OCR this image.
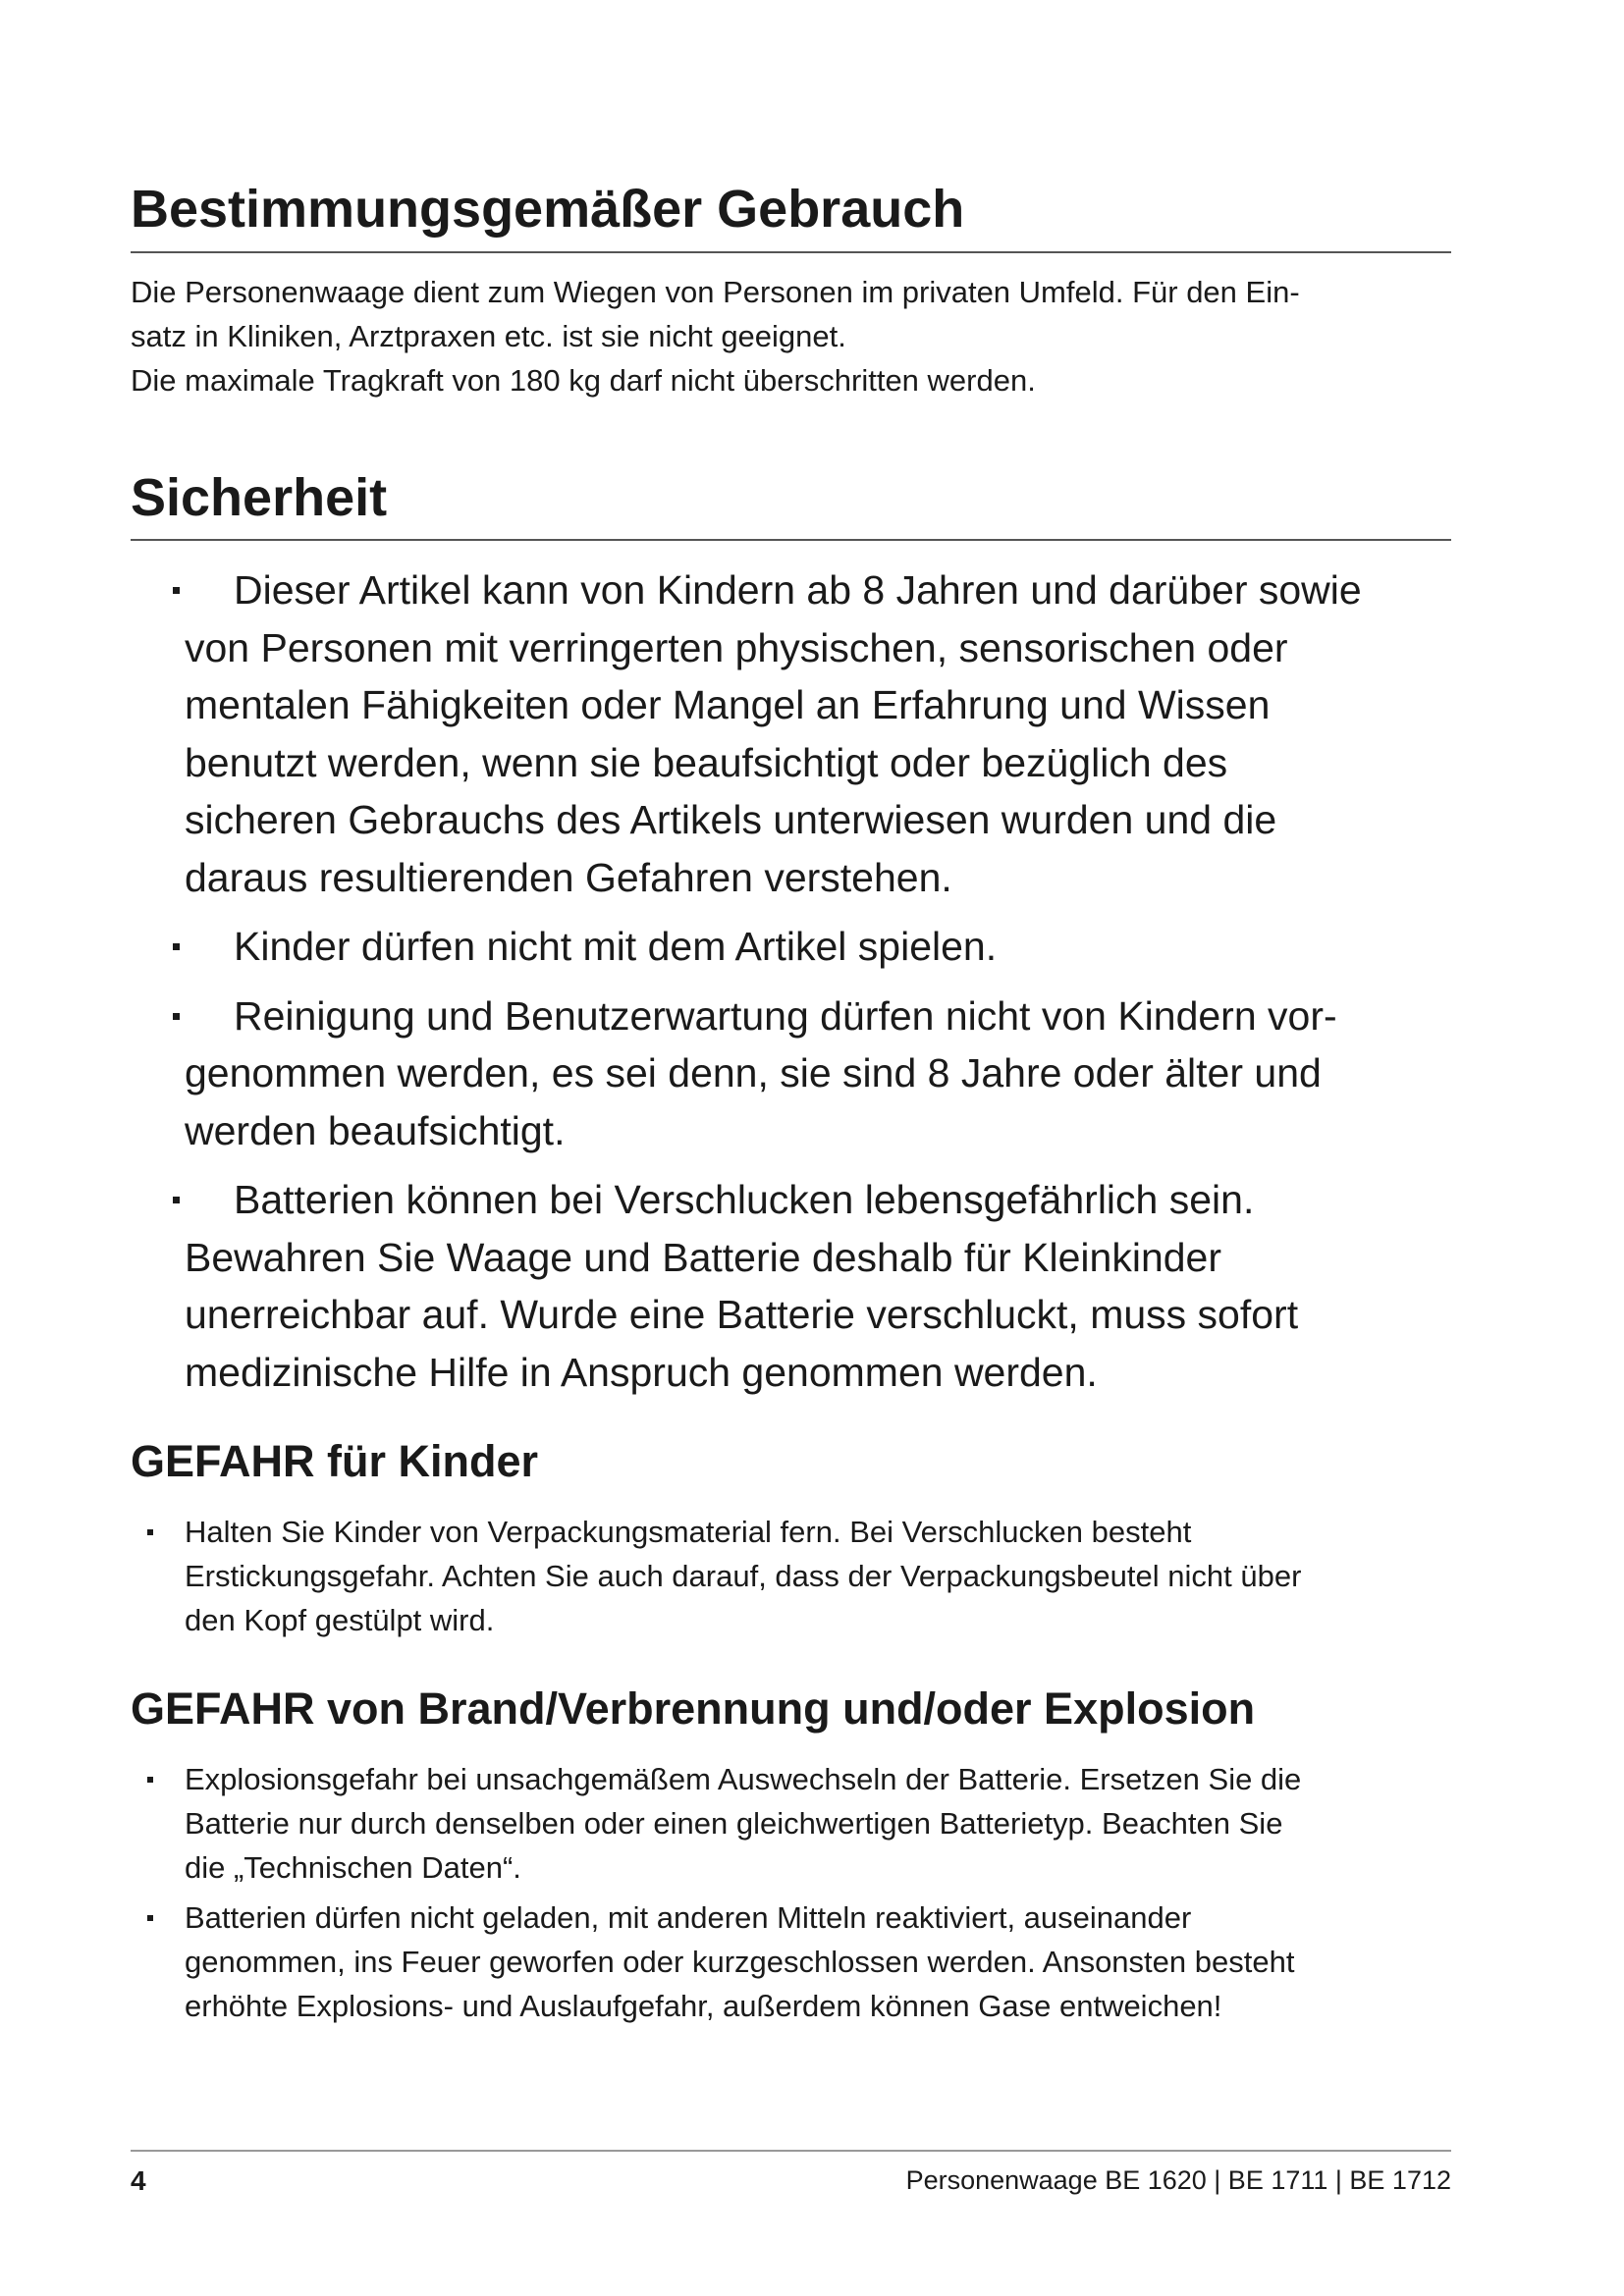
Bestimmungsgemäßer Gebrauch

Die Personenwaage dient zum Wiegen von Personen im privaten Umfeld. Für den Ein-
satz in Kliniken, Arztpraxen etc. ist sie nicht geeignet.
Die maximale Tragkraft von 180 kg darf nicht überschritten werden.

Sicherheit
Dieser Artikel kann von Kindern ab 8 Jahren und darüber sowie
von Personen mit verringerten physischen, sensorischen oder
mentalen Fähigkeiten oder Mangel an Erfahrung und Wissen
benutzt werden, wenn sie beaufsichtigt oder bezüglich des
sicheren Gebrauchs des Artikels unterwiesen wurden und die
daraus resultierenden Gefahren verstehen.
Kinder dürfen nicht mit dem Artikel spielen.
Reinigung und Benutzerwartung dürfen nicht von Kindern vor-
genommen werden, es sei denn, sie sind 8 Jahre oder älter und
werden beaufsichtigt.
Batterien können bei Verschlucken lebensgefährlich sein.
Bewahren Sie Waage und Batterie deshalb für Kleinkinder
unerreichbar auf. Wurde eine Batterie verschluckt, muss sofort
medizinische Hilfe in Anspruch genommen werden.
GEFAHR für Kinder
Halten Sie Kinder von Verpackungsmaterial fern. Bei Verschlucken besteht
Erstickungsgefahr. Achten Sie auch darauf, dass der Verpackungsbeutel nicht über
den Kopf gestülpt wird.
GEFAHR von Brand/Verbrennung und/oder Explosion
Explosionsgefahr bei unsachgemäßem Auswechseln der Batterie. Ersetzen Sie die
Batterie nur durch denselben oder einen gleichwertigen Batterietyp. Beachten Sie
die „Technischen Daten“.
Batterien dürfen nicht geladen, mit anderen Mitteln reaktiviert, auseinander
genommen, ins Feuer geworfen oder kurzgeschlossen werden. Ansonsten besteht
erhöhte Explosions- und Auslaufgefahr, außerdem können Gase entweichen!
4	Personenwaage BE 1620 | BE 1711 | BE 1712
